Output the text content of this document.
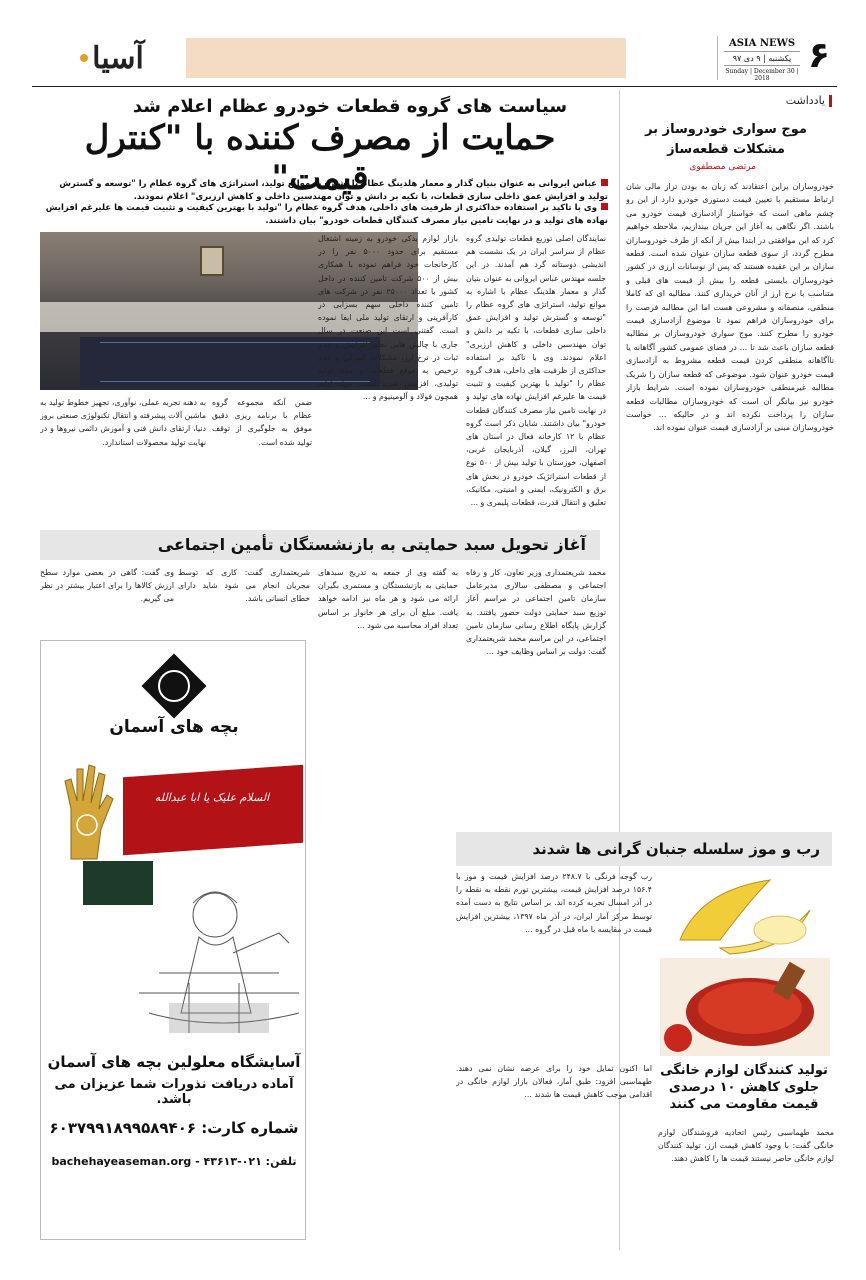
۶
ASIA NEWS
یکشنبه | ۹ دی ۹۷
Sunday | December 30 | 2018
آسیا
یادداشت
موج سواری خودروساز بر مشکلات قطعه‌ساز
مرتضی مصطفوی
خودروسازان براین اعتقادند که زبان به بودن تراز مالی شان ارتباط مستقیم با تعیین قیمت دستوری خودرو دارد از این رو چشم ماهی است که خواستار آزادسازی قیمت خودرو می باشند. اگر نگاهی به آغاز این جریان بیندازیم، ملاحظه خواهیم کرد که این موافقتی در ابتدا بیش از آنکه از طرف خودروسازان مطرح گردد، از سوی قطعه سازان عنوان شده است. قطعه سازان بر این عقیده هستند که پس از نوسانات ارزی در کشور خودروسازان بایستی قطعه را بیش از قیمت های قبلی و متناسب با نرخ ارز از آنان خریداری کنند. مطالبه ای که کاملا منطقی، منصفانه و مشروعی هست اما این مطالبه فرصت را برای خودروسازان فراهم نمود تا موضوع آزادسازی قیمت خودرو را مطرح کنند. موج سواری خودروسازان بر مطالبه قطعه سازان باعث شد تا ... در فضای عمومی کشور آگاهانه یا ناآگاهانه منطقی کردن قیمت قطعه مشروط به آزادسازی قیمت خودرو عنوان شود. موضوعی که قطعه سازان را شریک مطالبه غیرمنطقی خودروسازان نموده است. شرایط بازار خودرو نیز بیانگر آن است که خودروسازان مطالبات قطعه سازان را پرداخت نکرده اند و در حالیکه ... خواست خودروسازان مبنی بر آزادسازی قیمت عنوان نموده اند.
سیاست های گروه قطعات خودرو عظام اعلام شد
حمایت از مصرف کننده با "کنترل قیمت"
عباس ایروانی به عنوان بنیان گذار و معمار هلدینگ عظام با اشاره به موانع تولید، استراتژی های گروه عظام را "توسعه و گسترش تولید و افزایش عمق داخلی سازی قطعات، با تکیه بر دانش و توان مهندسین داخلی و کاهش ارزبری" اعلام نمودند.
وی با تاکید بر استفاده حداکثری از ظرفیت های داخلی، هدف گروه عظام را "تولید با بهترین کیفیت و تثبیت قیمت ها علیرغم افزایش نهاده های تولید و در نهایت تامین نیاز مصرف کنندگان قطعات خودرو" بیان داشتند.
نمایندگان اصلی توزیع قطعات تولیدی گروه عظام از سراسر ایران در یک نشست هم اندیشی دوستانه گرد هم آمدند. در این جلسه مهندس عباس ایروانی به عنوان بنیان گذار و معمار هلدینگ عظام با اشاره به موانع تولید، استراتژی های گروه عظام را "توسعه و گسترش تولید و افزایش عمق داخلی سازی قطعات، با تکیه بر دانش و توان مهندسین داخلی و کاهش ارزبری" اعلام نمودند. وی با تاکید بر استفاده حداکثری از ظرفیت های داخلی، هدف گروه عظام را "تولید با بهترین کیفیت و تثبیت قیمت ها علیرغم افزایش نهاده های تولید و در نهایت تامین نیاز مصرف کنندگان قطعات خودرو" بیان داشتند. شایان ذکر است گروه عظام با ۱۲ کارخانه فعال در استان های تهران، البرز، گیلان، آذربایجان غربی، اصفهان، خوزستان با تولید بیش از ۵۰۰ نوع از قطعات استراتژیک خودرو در بخش های برق و الکترونیک، ایمنی و امنیتی، مکانیک، تعلیق و انتقال قدرت، قطعات پلیمری و ...
بازار لوازم یدکی خودرو به زمینه اشتغال مستقیم برای حدود ۵۰۰۰ نفر را در کارخانجات خود فراهم نموده با همکاری بیش از ۵۰۰ شرکت تامین کننده در داخل کشور با تعداد ۲۵۰۰۰ نفر در شرکت های تامین کننده داخلی سهم بسزایی در کارآفرینی و ارتقای تولید ملی ایفا نموده است. گفتنی است این صنعت در سال جاری با چالش هایی نظیر افزایش و عدم ثبات در نرخ ارز، مشکلات گمرکی و عدم ترخیص به موقع قطعات و مواد اولیه تولیدی، افزایش شدید قیمت مواد اولیه همچون فولاد و آلومینیوم و ...
ضمن آنکه مجموعه گروه عظام با برنامه ریزی دقیق موفق به جلوگیری از توقف تولید شده است.
به دهنه تجربه عملی، نوآوری، تجهیز خطوط تولید به ماشین آلات پیشرفته و انتقال تکنولوژی صنعتی بروز دنیا، ارتقای دانش فنی و آموزش دائمی نیروها و در نهایت تولید محصولات استاندارد.
آغاز تحویل سبد حمایتی به بازنشستگان تأمین اجتماعی
محمد شریعتمداری وزیر تعاون، کار و رفاه اجتماعی و مصطفی سالاری مدیرعامل سازمان تامین اجتماعی در مراسم آغاز توزیع سبد حمایتی دولت حضور یافتند. به گزارش پایگاه اطلاع رسانی سازمان تامین اجتماعی، در این مراسم محمد شریعتمداری گفت: دولت بر اساس وظایف خود ...
به گفته وی از جمعه به تدریج سبدهای حمایتی به بازنشستگان و مستمری بگیران ارائه می شود و هر ماه نیز ادامه خواهد یافت. مبلغ آن برای هر خانوار بر اساس تعداد افراد محاسبه می شود ...
شریعتمداری گفت: کاری که توسط مجریان انجام می شود شاید دارای خطای انسانی باشد.
وی گفت: گاهی در بعضی موارد سطح ارزش کالاها را برای اعتبار بیشتر در نظر می گیریم.
بچه های آسمان
السلام علیک یا ابا عبدالله
آسایشگاه معلولین بچه های آسمان
آماده دریافت نذورات شما عزیزان می باشد.
شماره کارت: ۶۰۳۷۹۹۱۸۹۹۵۸۹۴۰۶
bachehayeaseman.org - تلفن: ۰۲۱-۴۳۶۱۳
رب و موز سلسله جنبان گرانی ها شدند
رب گوجه فرنگی با ۲۴۸.۷ درصد افزایش قیمت و موز با ۱۵۶.۴ درصد افزایش قیمت، بیشترین تورم نقطه به نقطه را در آذر امسال تجربه کرده اند. بر اساس نتایج به دست آمده توسط مرکز آمار ایران، در آذر ماه ۱۳۹۷، بیشترین افزایش قیمت در مقایسه با ماه قبل در گروه ...
تولید کنندگان لوازم خانگی جلوی کاهش ۱۰ درصدی قیمت مقاومت می کنند
محمد طهماسبی رئیس اتحادیه فروشندگان لوازم خانگی گفت: با وجود کاهش قیمت ارز، تولید کنندگان لوازم خانگی حاضر نیستند قیمت ها را کاهش دهند.
اما اکنون تمایل خود را برای عرضه نشان نمی دهند. طهماسبی افزود: طبق آمار، فعالان بازار لوازم خانگی در اقدامی موجب کاهش قیمت ها شدند ...
